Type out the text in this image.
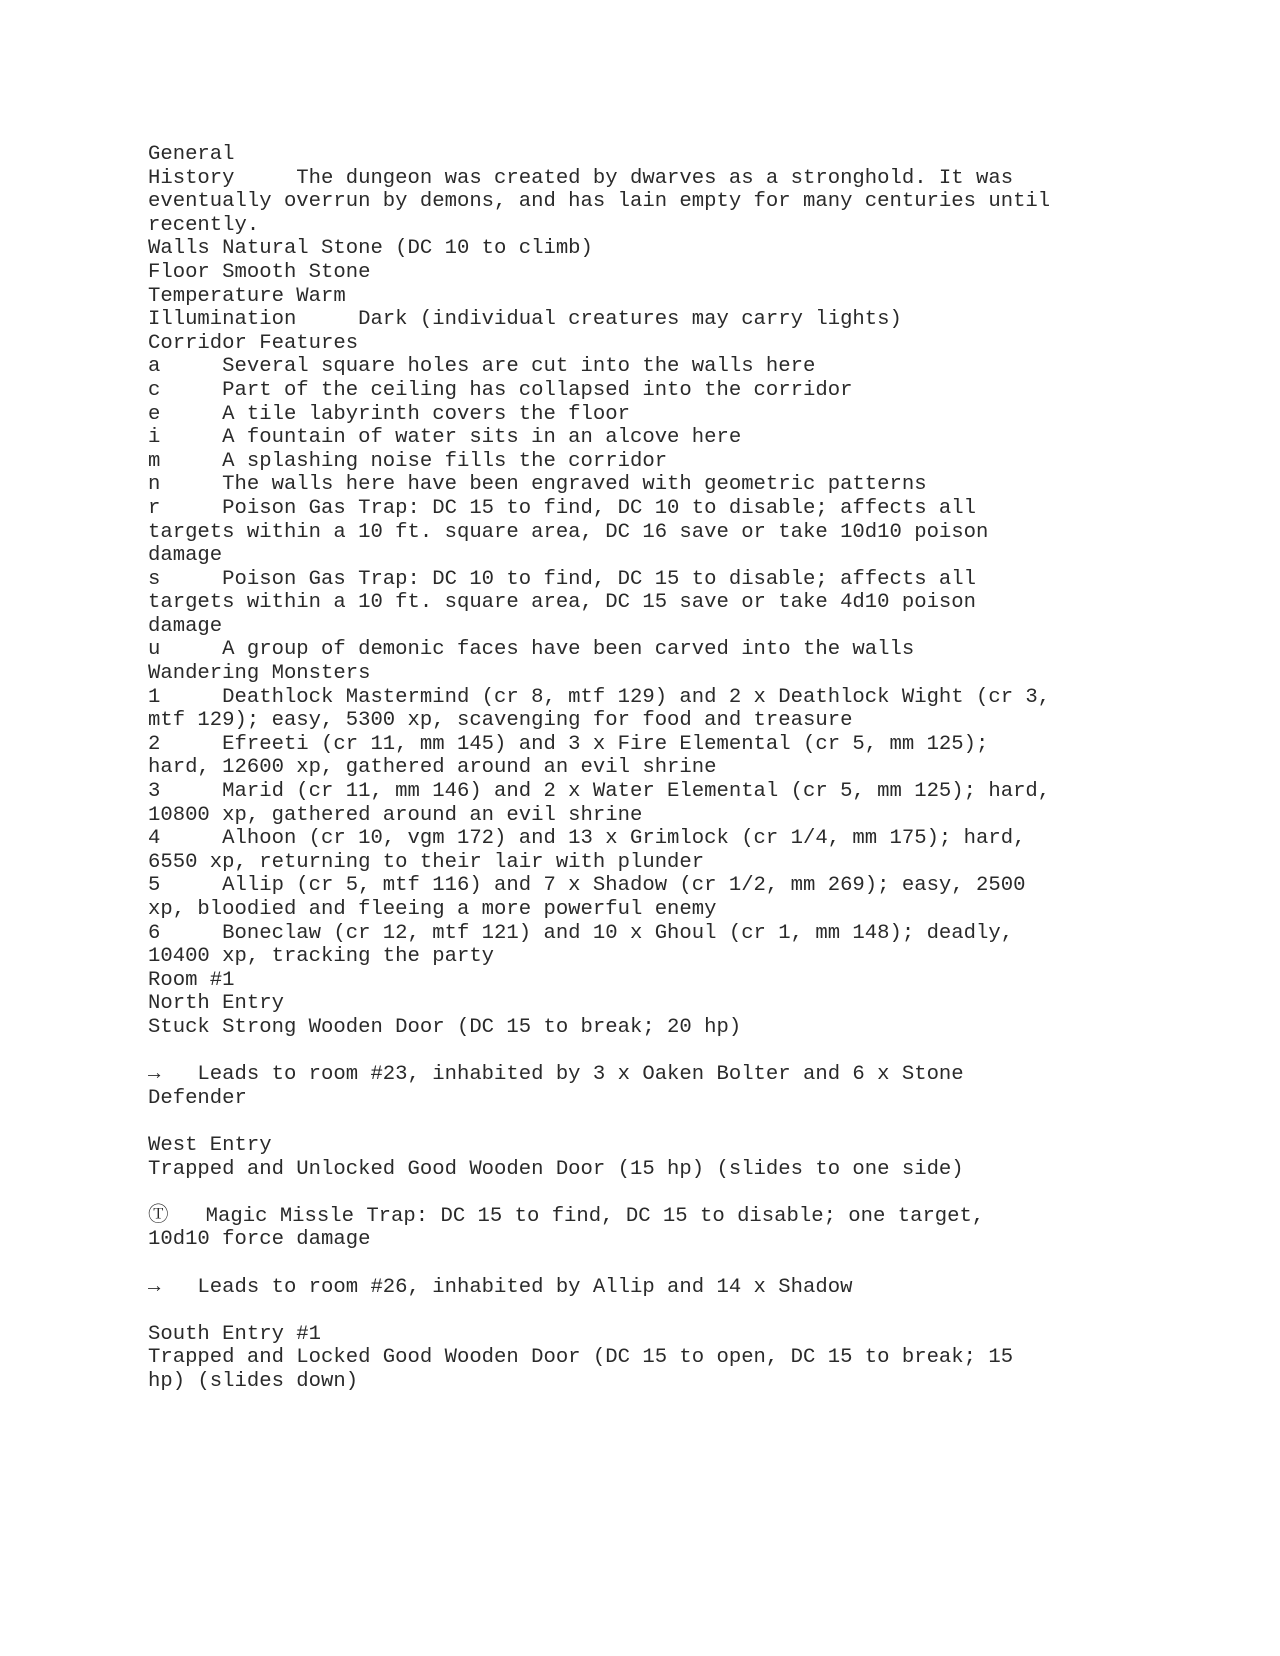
General
History     The dungeon was created by dwarves as a stronghold. It was
eventually overrun by demons, and has lain empty for many centuries until
recently.
Walls Natural Stone (DC 10 to climb)
Floor Smooth Stone
Temperature Warm
Illumination     Dark (individual creatures may carry lights)
Corridor Features
a     Several square holes are cut into the walls here
c     Part of the ceiling has collapsed into the corridor
e     A tile labyrinth covers the floor
i     A fountain of water sits in an alcove here
m     A splashing noise fills the corridor
n     The walls here have been engraved with geometric patterns
r     Poison Gas Trap: DC 15 to find, DC 10 to disable; affects all
targets within a 10 ft. square area, DC 16 save or take 10d10 poison
damage
s     Poison Gas Trap: DC 10 to find, DC 15 to disable; affects all
targets within a 10 ft. square area, DC 15 save or take 4d10 poison
damage
u     A group of demonic faces have been carved into the walls
Wandering Monsters
1     Deathlock Mastermind (cr 8, mtf 129) and 2 x Deathlock Wight (cr 3,
mtf 129); easy, 5300 xp, scavenging for food and treasure
2     Efreeti (cr 11, mm 145) and 3 x Fire Elemental (cr 5, mm 125);
hard, 12600 xp, gathered around an evil shrine
3     Marid (cr 11, mm 146) and 2 x Water Elemental (cr 5, mm 125); hard,
10800 xp, gathered around an evil shrine
4     Alhoon (cr 10, vgm 172) and 13 x Grimlock (cr 1/4, mm 175); hard,
6550 xp, returning to their lair with plunder
5     Allip (cr 5, mtf 116) and 7 x Shadow (cr 1/2, mm 269); easy, 2500
xp, bloodied and fleeing a more powerful enemy
6     Boneclaw (cr 12, mtf 121) and 10 x Ghoul (cr 1, mm 148); deadly,
10400 xp, tracking the party
Room #1
North Entry
Stuck Strong Wooden Door (DC 15 to break; 20 hp)
→   Leads to room #23, inhabited by 3 x Oaken Bolter and 6 x Stone
Defender
West Entry
Trapped and Unlocked Good Wooden Door (15 hp) (slides to one side)
Ⓣ   Magic Missle Trap: DC 15 to find, DC 15 to disable; one target,
10d10 force damage
→   Leads to room #26, inhabited by Allip and 14 x Shadow
South Entry #1
Trapped and Locked Good Wooden Door (DC 15 to open, DC 15 to break; 15
hp) (slides down)
